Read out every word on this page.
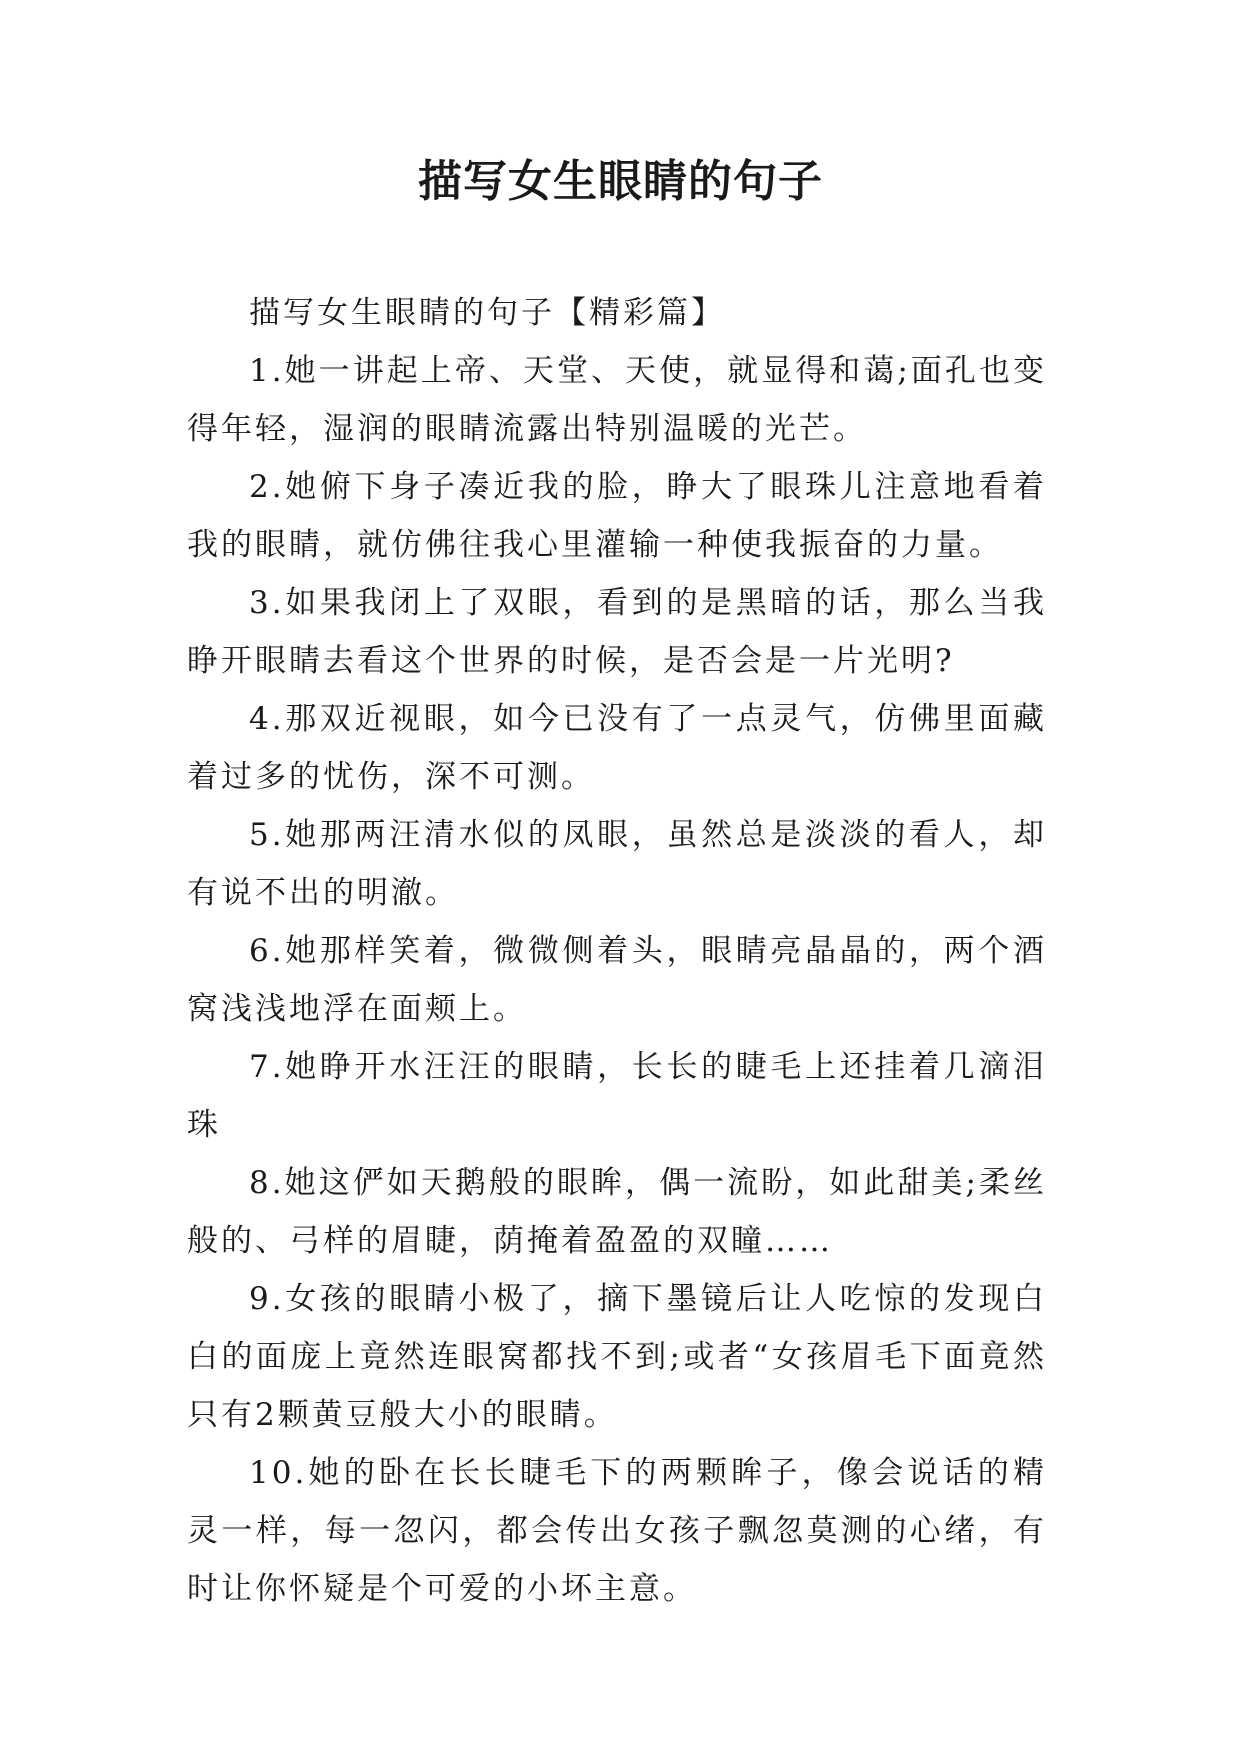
描写女生眼睛的句子

描写女生眼睛的句子【精彩篇】

1.她一讲起上帝、天堂、天使，就显得和蔼;面孔也变得年轻，湿润的眼睛流露出特别温暖的光芒。

2.她俯下身子凑近我的脸，睁大了眼珠儿注意地看着我的眼睛，就仿佛往我心里灌输一种使我振奋的力量。

3.如果我闭上了双眼，看到的是黑暗的话，那么当我睁开眼睛去看这个世界的时候，是否会是一片光明?

4.那双近视眼，如今已没有了一点灵气，仿佛里面藏着过多的忧伤，深不可测。

5.她那两汪清水似的凤眼，虽然总是淡淡的看人，却有说不出的明澈。

6.她那样笑着，微微侧着头，眼睛亮晶晶的，两个酒窝浅浅地浮在面颊上。

7.她睁开水汪汪的眼睛，长长的睫毛上还挂着几滴泪珠

8.她这俨如天鹅般的眼眸，偶一流盼，如此甜美;柔丝般的、弓样的眉睫，荫掩着盈盈的双瞳……

9.女孩的眼睛小极了，摘下墨镜后让人吃惊的发现白白的面庞上竟然连眼窝都找不到;或者“女孩眉毛下面竟然只有2颗黄豆般大小的眼睛。

10.她的卧在长长睫毛下的两颗眸子，像会说话的精灵一样，每一忽闪，都会传出女孩子飘忽莫测的心绪，有时让你怀疑是个可爱的小坏主意。
